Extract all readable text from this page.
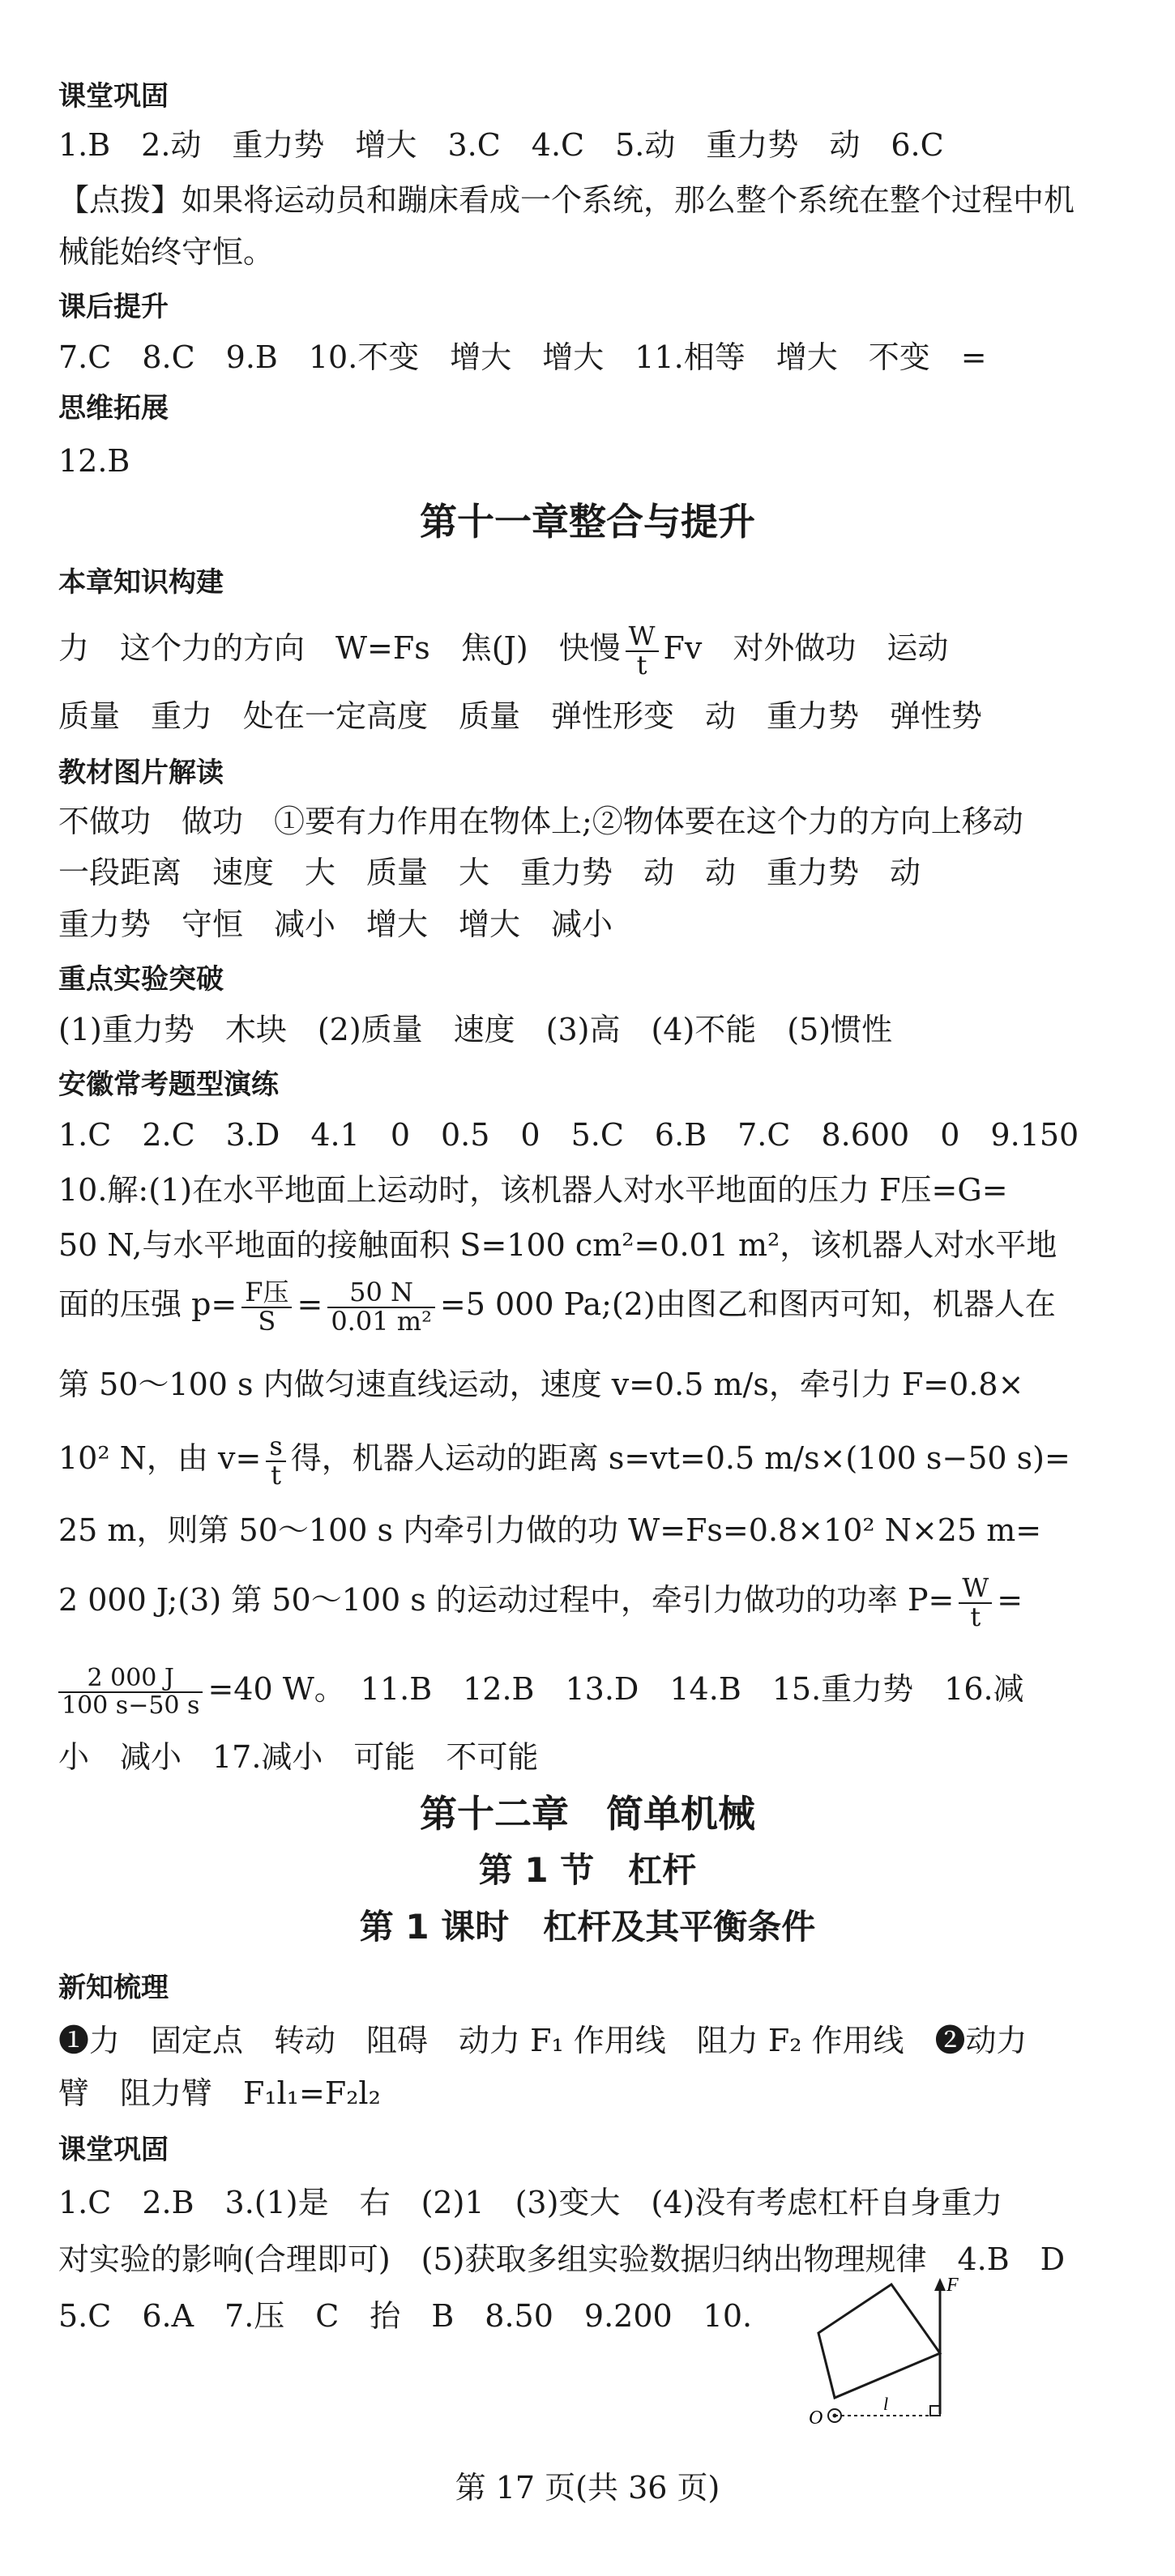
课堂巩固
1.B　2.动　重力势　增大　3.C　4.C　5.动　重力势　动　6.C
【点拨】如果将运动员和蹦床看成一个系统，那么整个系统在整个过程中机
械能始终守恒。
课后提升
7.C　8.C　9.B　10.不变　增大　增大　11.相等　增大　不变　=
思维拓展
12.B
第十一章整合与提升
本章知识构建
力　这个力的方向　W=Fs　焦(J)　快慢 $\frac{W}{t}$ Fv　对外做功　运动
质量　重力　处在一定高度　质量　弹性形变　动　重力势　弹性势
教材图片解读
不做功　做功　①要有力作用在物体上;②物体要在这个力的方向上移动
一段距离　速度　大　质量　大　重力势　动　动　重力势　动
重力势　守恒　减小　增大　增大　减小
重点实验突破
(1)重力势　木块　(2)质量　速度　(3)高　(4)不能　(5)惯性
安徽常考题型演练
1.C　2.C　3.D　4.1　0　0.5　0　5.C　6.B　7.C　8.600　0　9.150
10.解:(1)在水平地面上运动时，该机器人对水平地面的压力 F压=G=
50 N,与水平地面的接触面积 S=100 cm²=0.01 m²，该机器人对水平地
面的压强 $p= \frac{\text{F压}}{S} = \frac{50 N}{\text{0.01 m²}} =5$ 000 Pa;(2)由图乙和图丙可知，机器人在
第 50～100 s 内做匀速直线运动，速度 v=0.5 m/s，牵引力 F=0.8×
10² N，由 $v= \frac{s}{t}$ 得，机器人运动的距离 s=vt=0.5 m/s×(100 s−50 s)=
25 m，则第 50～100 s 内牵引力做的功 W=Fs=0.8×10² N×25 m=
2 000 J;(3) 第 50～100 s 的运动过程中，牵引力做功的功率 $P= \frac{W}{t}$ =
$\frac{2 000 J}{100 s-50 s} =40$ W。　11.B　12.B　13.D　14.B　15.重力势　16.减
小　减小　17.减小　可能　不可能
第十二章　简单机械
第 1 节　杠杆
第 1 课时　杠杆及其平衡条件
新知梳理
❶力　固定点　转动　阻碍　动力 F₁ 作用线　阻力 F₂ 作用线　❷动力
臂　阻力臂　F₁l₁=F₂l₂
课堂巩固
1.C　2.B　3.(1)是　右　(2)1　(3)变大　(4)没有考虑杠杆自身重力
对实验的影响(合理即可)　(5)获取多组实验数据归纳出物理规律　4.B　D
5.C　6.A　7.压　C　抬　B　8.50　9.200　10.
F
l
O
第 17 页(共 36 页)
